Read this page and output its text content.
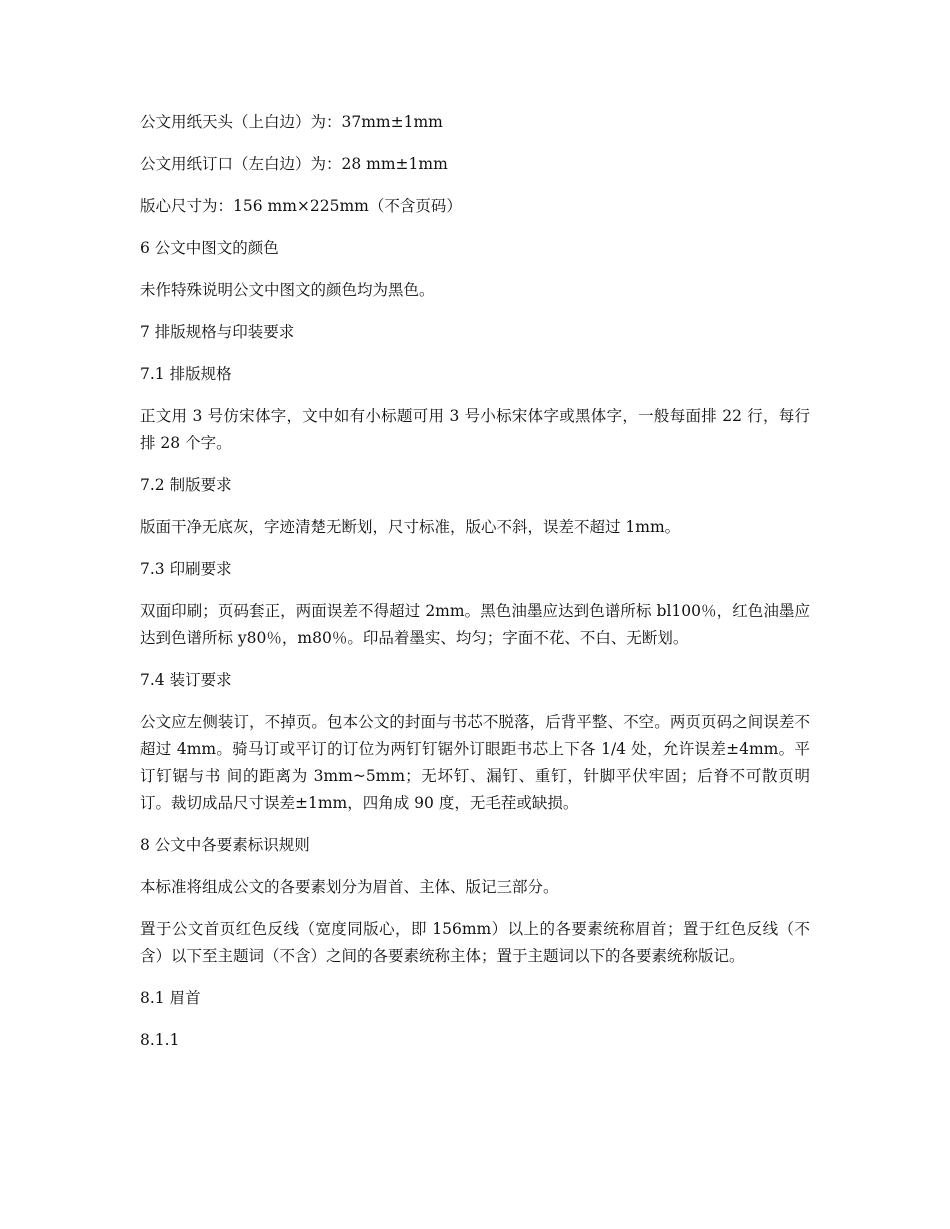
公文用纸天头（上白边）为：37mm±1mm

公文用纸订口（左白边）为：28 mm±1mm

版心尺寸为：156 mm×225mm（不含页码）

6 公文中图文的颜色

未作特殊说明公文中图文的颜色均为黑色。

7 排版规格与印装要求

7.1 排版规格

正文用 3 号仿宋体字，文中如有小标题可用 3 号小标宋体字或黑体字，一般每面排 22 行，每行排 28 个字。

7.2 制版要求

版面干净无底灰，字迹清楚无断划，尺寸标准，版心不斜，误差不超过 1mm。

7.3 印刷要求

双面印刷；页码套正，两面误差不得超过 2mm。黑色油墨应达到色谱所标 bl100％，红色油墨应达到色谱所标 y80％，m80％。印品着墨实、均匀；字面不花、不白、无断划。

7.4 装订要求

公文应左侧装订，不掉页。包本公文的封面与书芯不脱落，后背平整、不空。两页页码之间误差不超过 4mm。骑马订或平订的订位为两钉钉锯外订眼距书芯上下各 1/4 处，允许误差±4mm。平订钉锯与书 间的距离为 3mm~5mm；无坏钉、漏钉、重钉，针脚平伏牢固；后脊不可散页明订。裁切成品尺寸误差±1mm，四角成 90 度，无毛茬或缺损。

8 公文中各要素标识规则

本标准将组成公文的各要素划分为眉首、主体、版记三部分。

置于公文首页红色反线（宽度同版心，即 156mm）以上的各要素统称眉首；置于红色反线（不含）以下至主题词（不含）之间的各要素统称主体；置于主题词以下的各要素统称版记。

8.1 眉首

8.1.1
